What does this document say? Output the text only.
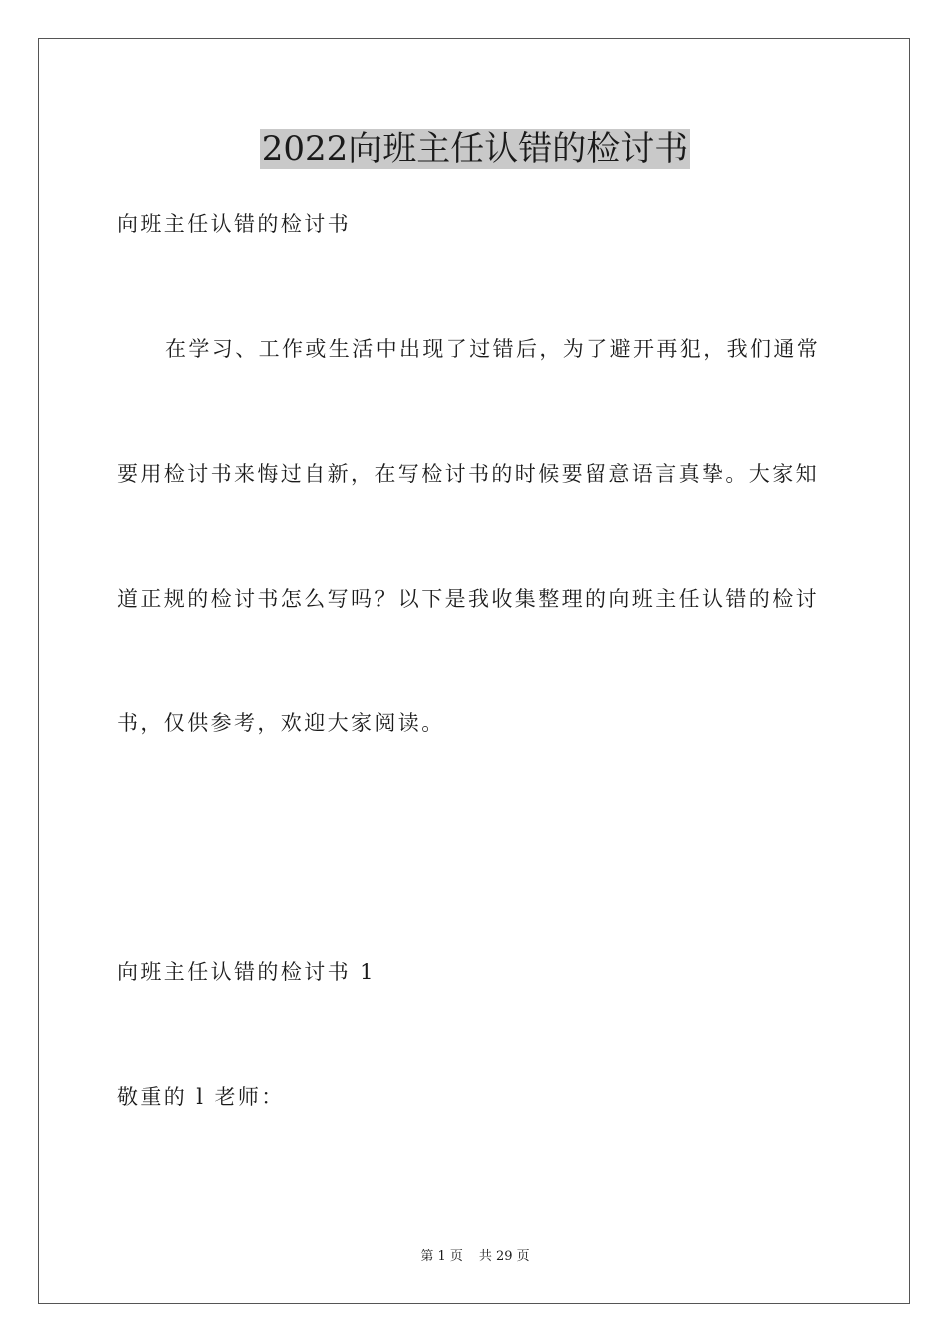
2022向班主任认错的检讨书

向班主任认错的检讨书

在学习、工作或生活中出现了过错后，为了避开再犯，我们通常

要用检讨书来悔过自新，在写检讨书的时候要留意语言真挚。大家知

道正规的检讨书怎么写吗？以下是我收集整理的向班主任认错的检讨

书，仅供参考，欢迎大家阅读。

向班主任认错的检讨书 1

敬重的 l 老师：

第 1 页 共 29 页
